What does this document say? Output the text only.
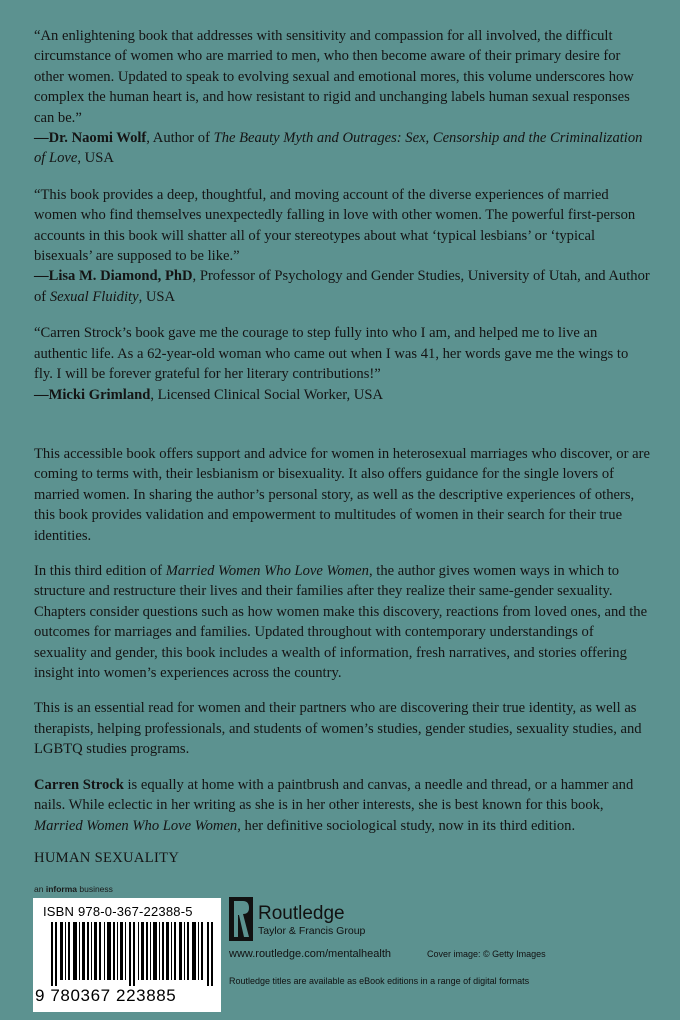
“An enlightening book that addresses with sensitivity and compassion for all involved, the difficult circumstance of women who are married to men, who then become aware of their primary desire for other women. Updated to speak to evolving sexual and emotional mores, this volume underscores how complex the human heart is, and how resistant to rigid and unchanging labels human sexual responses can be.”
—Dr. Naomi Wolf, Author of The Beauty Myth and Outrages: Sex, Censorship and the Criminalization of Love, USA

“This book provides a deep, thoughtful, and moving account of the diverse experiences of married women who find themselves unexpectedly falling in love with other women. The powerful first-person accounts in this book will shatter all of your stereotypes about what ‘typical lesbians’ or ‘typical bisexuals’ are supposed to be like.”
—Lisa M. Diamond, PhD, Professor of Psychology and Gender Studies, University of Utah, and Author of Sexual Fluidity, USA

“Carren Strock’s book gave me the courage to step fully into who I am, and helped me to live an authentic life. As a 62-year-old woman who came out when I was 41, her words gave me the wings to fly. I will be forever grateful for her literary contributions!”
—Micki Grimland, Licensed Clinical Social Worker, USA

This accessible book offers support and advice for women in heterosexual marriages who discover, or are coming to terms with, their lesbianism or bisexuality. It also offers guidance for the single lovers of married women. In sharing the author’s personal story, as well as the descriptive experiences of others, this book provides validation and empowerment to multitudes of women in their search for their true identities.

In this third edition of Married Women Who Love Women, the author gives women ways in which to structure and restructure their lives and their families after they realize their same-gender sexuality. Chapters consider questions such as how women make this discovery, reactions from loved ones, and the outcomes for marriages and families. Updated throughout with contemporary understandings of sexuality and gender, this book includes a wealth of information, fresh narratives, and stories offering insight into women’s experiences across the country.

This is an essential read for women and their partners who are discovering their true identity, as well as therapists, helping professionals, and students of women’s studies, gender studies, sexuality studies, and LGBTQ studies programs.

Carren Strock is equally at home with a paintbrush and canvas, a needle and thread, or a hammer and nails. While eclectic in her writing as she is in her other interests, she is best known for this book, Married Women Who Love Women, her definitive sociological study, now in its third edition.

HUMAN SEXUALITY

an informa business
ISBN 978-0-367-22388-5
9 780367 223885
Routledge
Taylor & Francis Group
www.routledge.com/mentalhealth	Cover image: © Getty Images
Routledge titles are available as eBook editions in a range of digital formats
